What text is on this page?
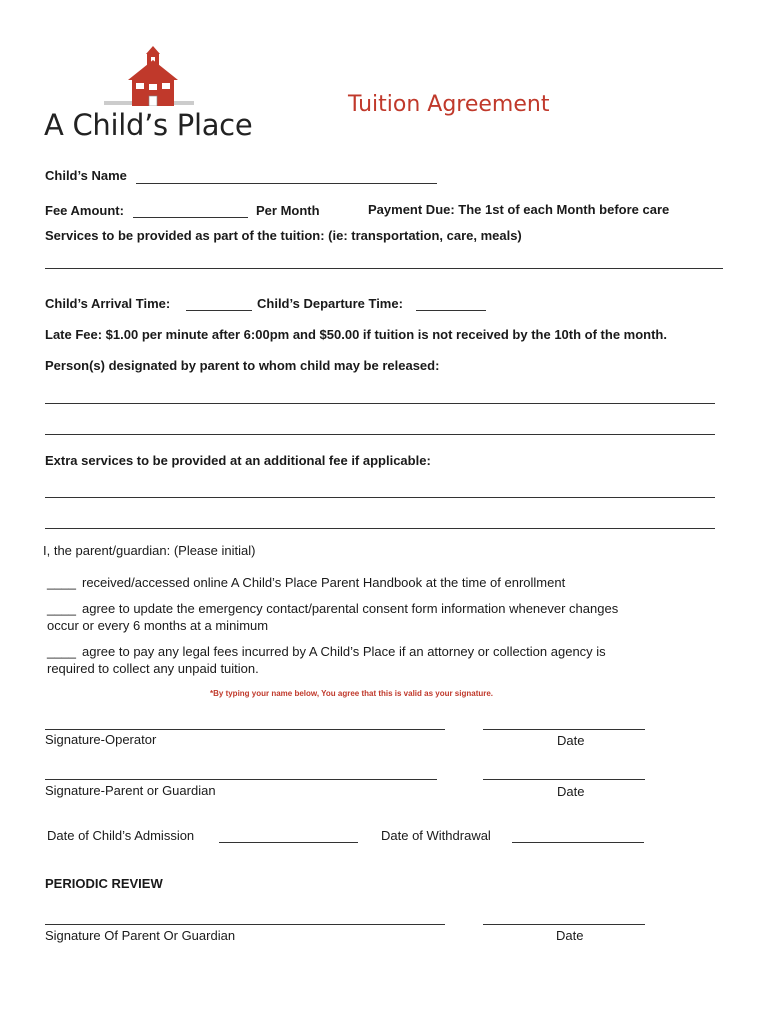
A Child’s Place
Tuition Agreement
Child’s Name
Fee Amount:	Per Month	Payment Due: The 1st of each Month before care
Services to be provided as part of the tuition: (ie: transportation, care, meals)
Child’s Arrival Time:	Child’s Departure Time:
Late Fee: $1.00 per minute after 6:00pm and $50.00 if tuition is not received by the 10th of the month.
Person(s) designated by parent to whom child may be released:
Extra services to be provided at an additional fee if applicable:
I, the parent/guardian: (Please initial)
____ received/accessed online A Child’s Place Parent Handbook at the time of enrollment
____ agree to update the emergency contact/parental consent form information whenever changes
occur or every 6 months at a minimum
____ agree to pay any legal fees incurred by A Child’s Place if an attorney or collection agency is
required to collect any unpaid tuition.
*By typing your name below, You agree that this is valid as your signature.
Signature-Operator	Date
Signature-Parent or Guardian	Date
Date of Child’s Admission	Date of Withdrawal
PERIODIC REVIEW
Signature Of Parent Or Guardian	Date
